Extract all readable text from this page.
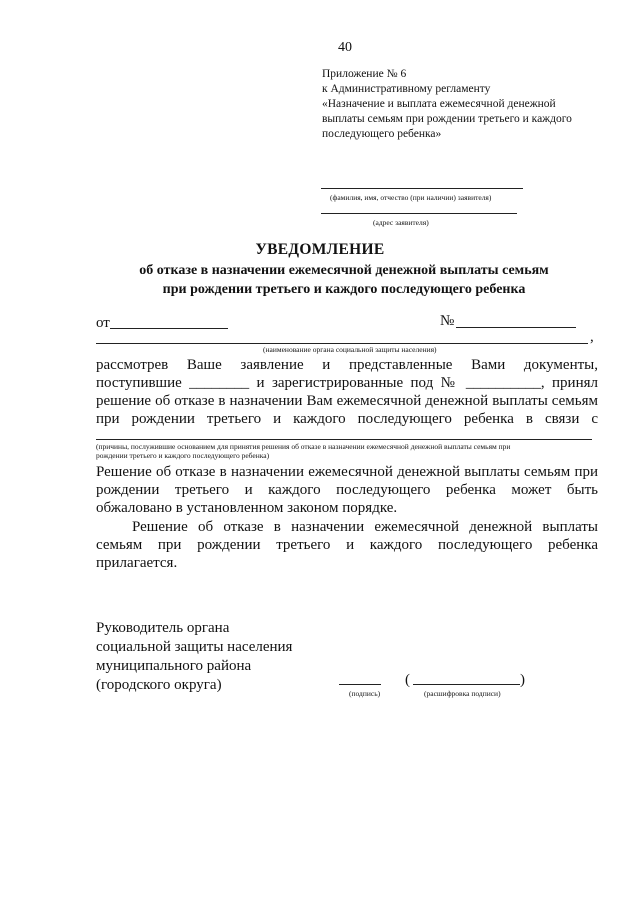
40
Приложение № 6
к Административному регламенту
«Назначение и выплата ежемесячной денежной
выплаты семьям при рождении третьего и каждого
последующего ребенка»
(фамилия, имя, отчество (при наличии) заявителя)
(адрес заявителя)
УВЕДОМЛЕНИЕ
об отказе в назначении ежемесячной денежной выплаты семьям
при рождении третьего и каждого последующего ребенка
от	№
,
(наименование органа социальной защиты населения)
рассмотрев Ваше заявление и представленные Вами документы,
поступившие ________ и зарегистрированные под № __________, принял
решение об отказе в назначении Вам ежемесячной денежной выплаты семьям
при рождении третьего и каждого последующего ребенка в связи с
(причины, послужившие основанием для принятия решения об отказе в назначении ежемесячной денежной выплаты семьям при
рождении третьего и каждого последующего ребенка)
Решение об отказе в назначении ежемесячной денежной выплаты семьям при
рождении третьего и каждого последующего ребенка может быть
обжаловано в установленном законом порядке.
Решение об отказе в назначении ежемесячной денежной выплаты
семьям при рождении третьего и каждого последующего ребенка
прилагается.
Руководитель органа
социальной защиты населения
муниципального района
(городского округа)
(подпись)
(	)
(расшифровка подписи)
